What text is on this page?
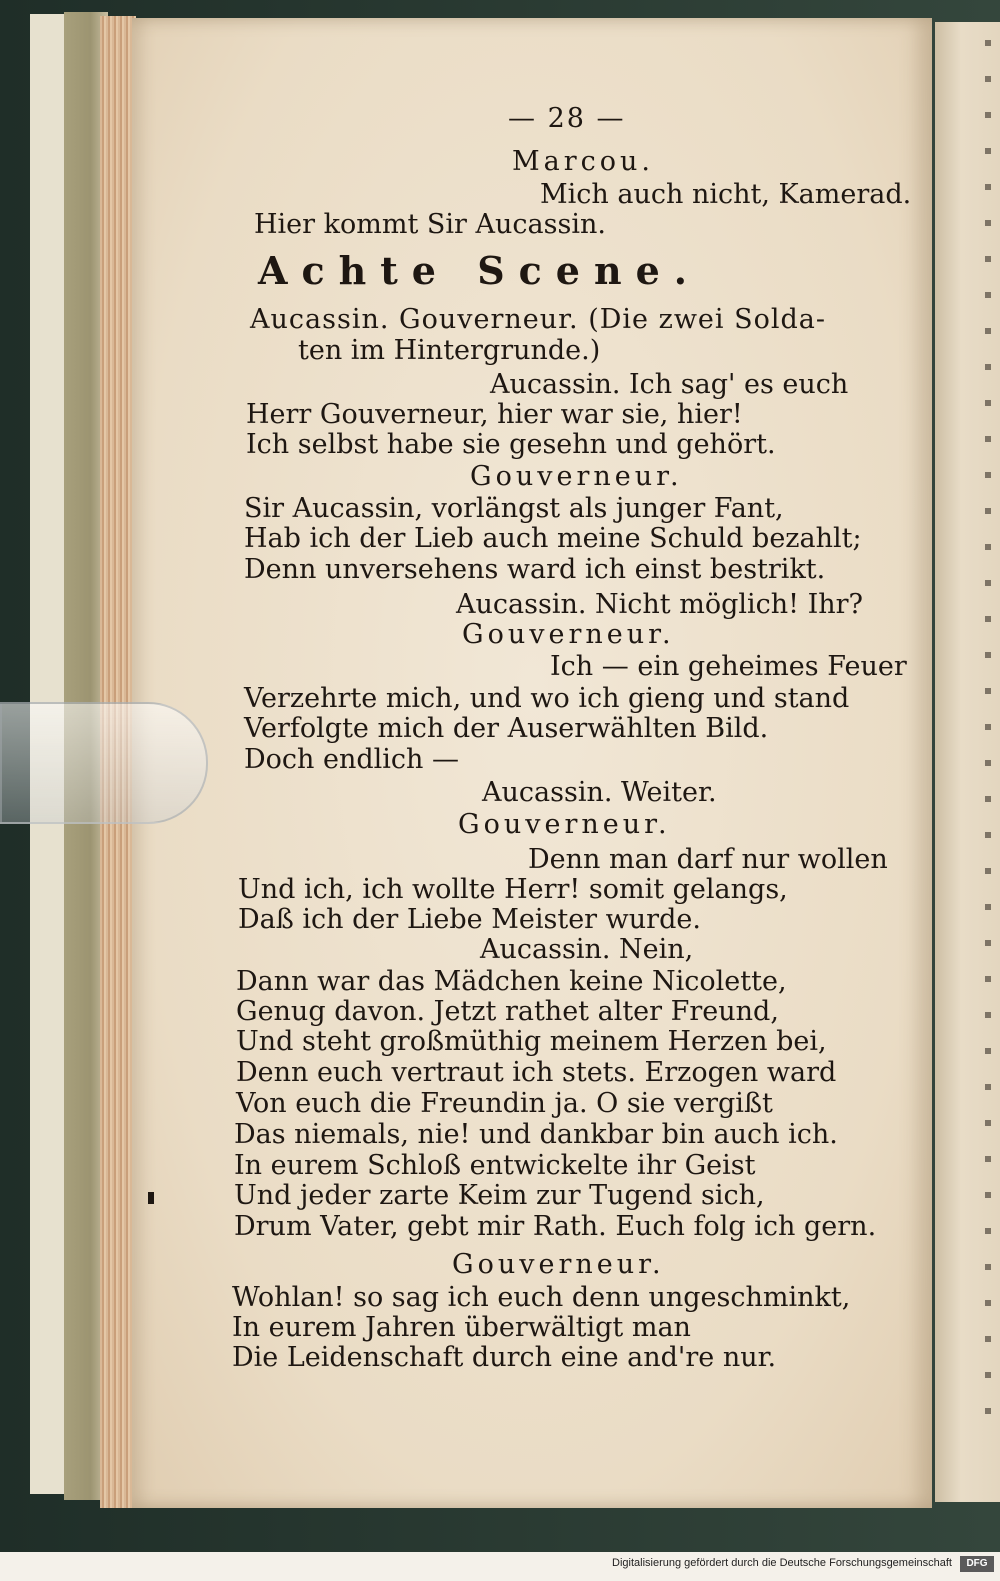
— 28 —
Marcou.
Mich auch nicht, Kamerad.
Hier kommt Sir Aucassin.
Achte Scene.
Aucassin. Gouverneur. (Die zwei Solda-
ten im Hintergrunde.)
Aucassin. Ich sag' es euch
Herr Gouverneur, hier war sie, hier!
Ich selbst habe sie gesehn und gehört.
Gouverneur.
Sir Aucassin, vorlängst als junger Fant,
Hab ich der Lieb auch meine Schuld bezahlt;
Denn unversehens ward ich einst bestrikt.
Aucassin. Nicht möglich! Ihr?
Gouverneur.
Ich — ein geheimes Feuer
Verzehrte mich, und wo ich gieng und stand
Verfolgte mich der Auserwählten Bild.
Doch endlich —
Aucassin. Weiter.
Gouverneur.
Denn man darf nur wollen
Und ich, ich wollte Herr! somit gelangs,
Daß ich der Liebe Meister wurde.
Aucassin. Nein,
Dann war das Mädchen keine Nicolette,
Genug davon. Jetzt rathet alter Freund,
Und steht großmüthig meinem Herzen bei,
Denn euch vertraut ich stets. Erzogen ward
Von euch die Freundin ja. O sie vergißt
Das niemals, nie! und dankbar bin auch ich.
In eurem Schloß entwickelte ihr Geist
Und jeder zarte Keim zur Tugend sich,
Drum Vater, gebt mir Rath. Euch folg ich gern.
Gouverneur.
Wohlan! so sag ich euch denn ungeschminkt,
In eurem Jahren überwältigt man
Die Leidenschaft durch eine and're nur.
Digitalisierung gefördert durch die Deutsche Forschungsgemeinschaft	DFG
